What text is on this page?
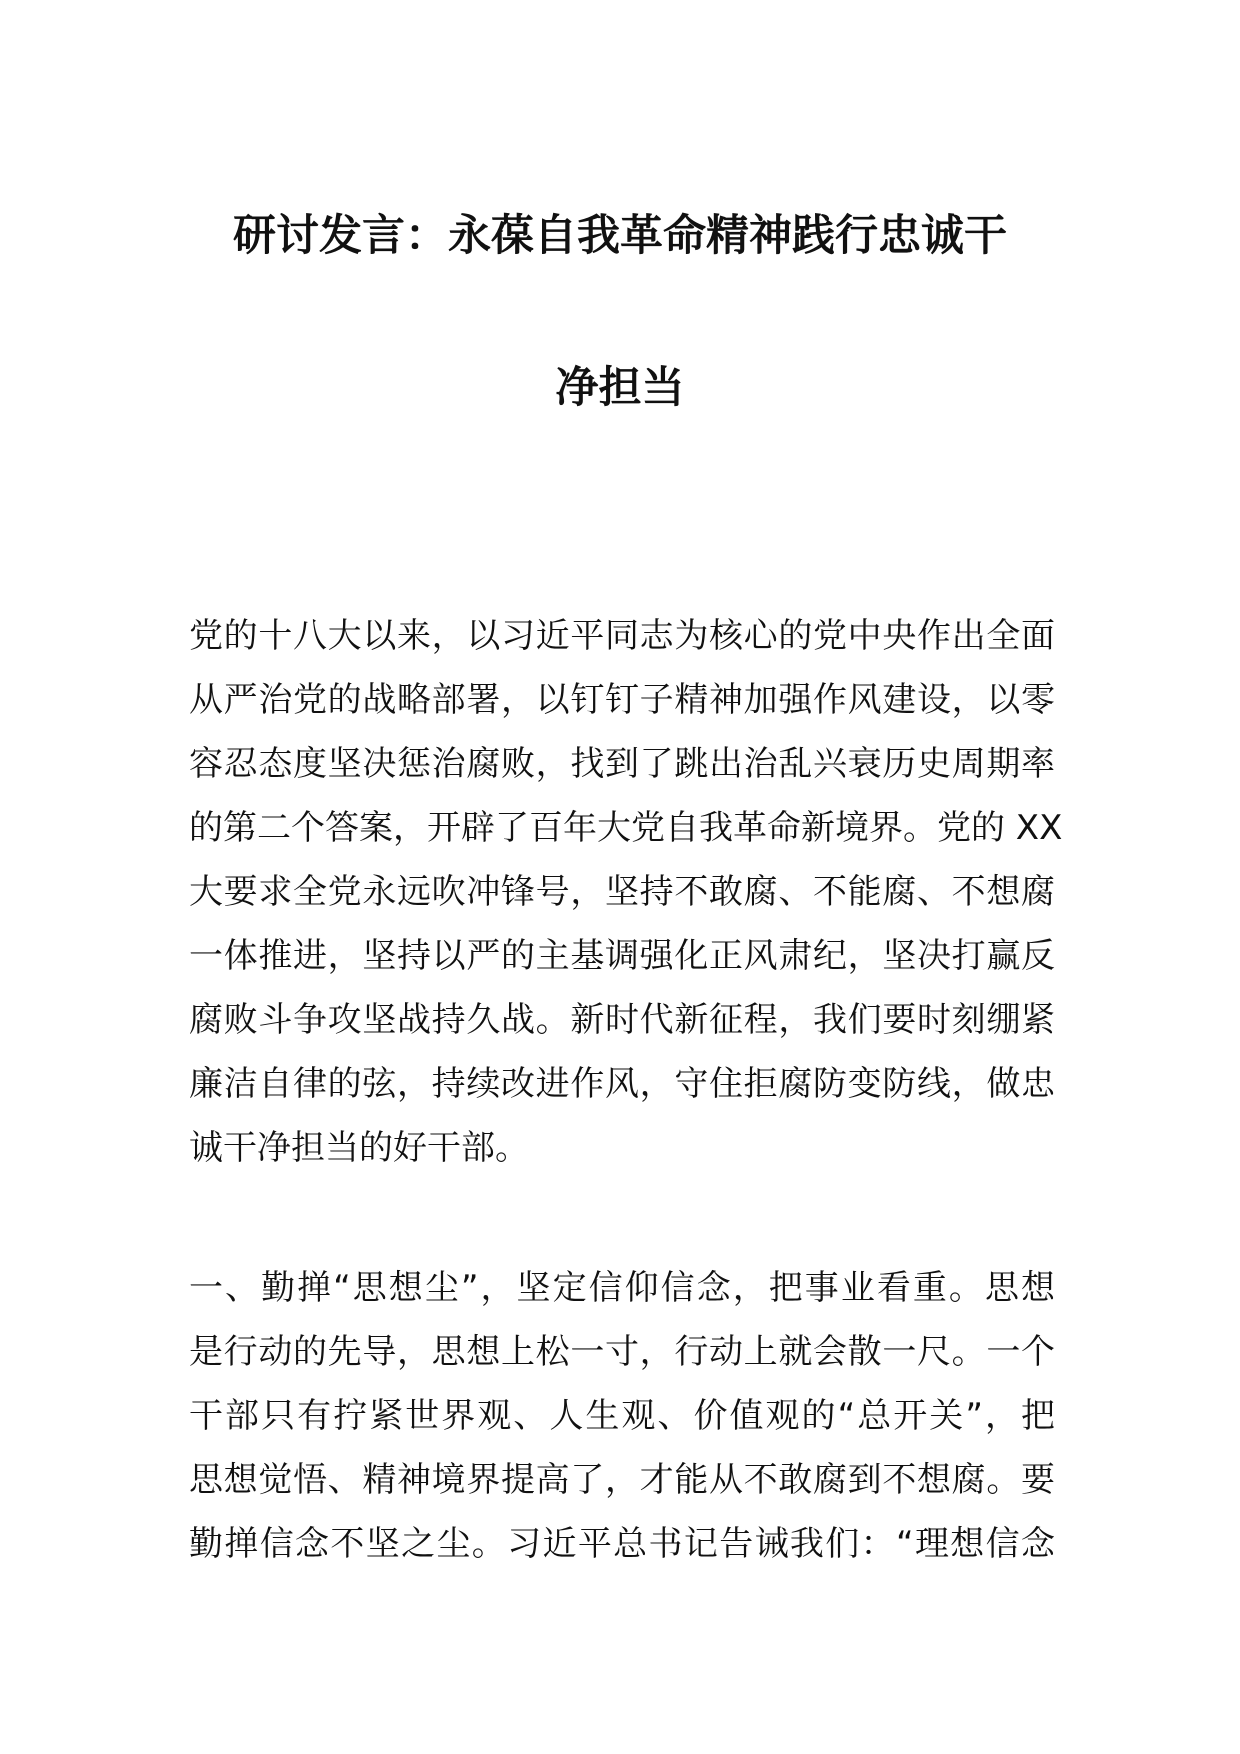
研讨发言：永葆自我革命精神践行忠诚干
净担当
党的十八大以来，以习近平同志为核心的党中央作出全面
从严治党的战略部署，以钉钉子精神加强作风建设，以零
容忍态度坚决惩治腐败，找到了跳出治乱兴衰历史周期率
的第二个答案，开辟了百年大党自我革命新境界。党的 XX
大要求全党永远吹冲锋号，坚持不敢腐、不能腐、不想腐
一体推进，坚持以严的主基调强化正风肃纪，坚决打赢反
腐败斗争攻坚战持久战。新时代新征程，我们要时刻绷紧
廉洁自律的弦，持续改进作风，守住拒腐防变防线，做忠
诚干净担当的好干部。
一、勤掸“思想尘”，坚定信仰信念，把事业看重。思想
是行动的先导，思想上松一寸，行动上就会散一尺。一个
干部只有拧紧世界观、人生观、价值观的“总开关”，把
思想觉悟、精神境界提高了，才能从不敢腐到不想腐。要
勤掸信念不坚之尘。习近平总书记告诫我们：“理想信念
